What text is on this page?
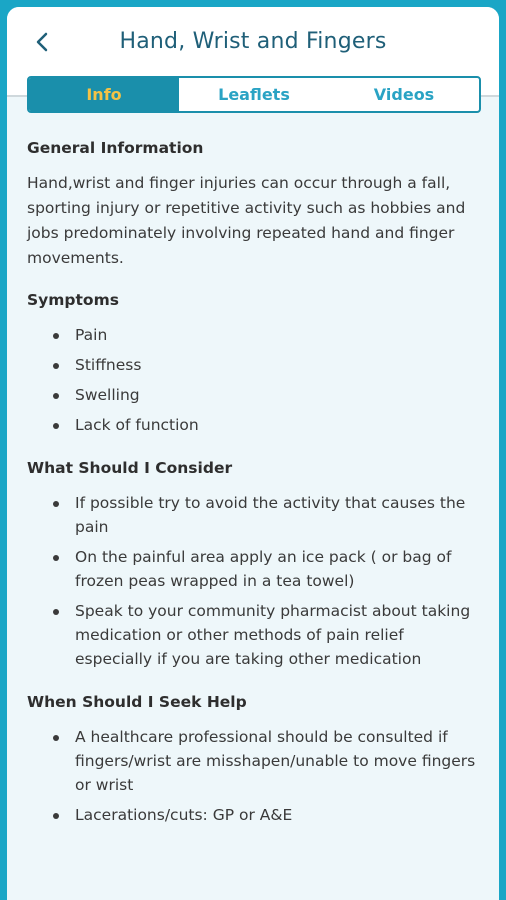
Hand, Wrist and Fingers
Info	Leaflets	Videos
General Information

Hand,wrist and finger injuries can occur through a fall, sporting injury or repetitive activity such as hobbies and jobs predominately involving repeated hand and finger movements.

Symptoms
Pain
Stiffness
Swelling
Lack of function
What Should I Consider
If possible try to avoid the activity that causes the pain
On the painful area apply an ice pack ( or bag of frozen peas wrapped in a tea towel)
Speak to your community pharmacist about taking medication or other methods of pain relief especially if you are taking other medication
When Should I Seek Help
A healthcare professional should be consulted if fingers/wrist are misshapen/unable to move fingers or wrist
Lacerations/cuts: GP or A&E
